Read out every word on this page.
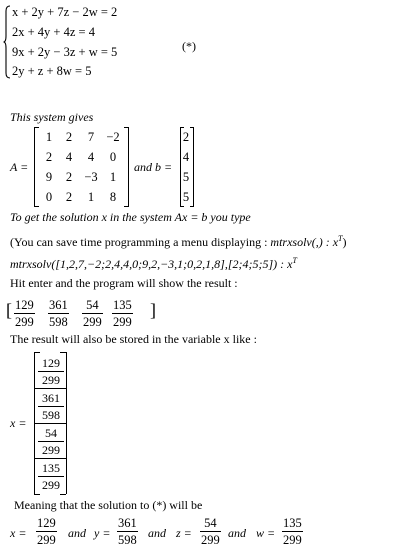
x + 2y + 7z − 2w = 2
2x + 4y + 4z = 4
9x + 2y − 3z + w = 5
2y + z + 8w = 5
(*)
This system gives
A =
1	2	7 −2
2	4	4	0
9	2 −3 1
0	2	1	8
and b =
2
4
5
5
To get the solution x in the system Ax = b you type
(You can save time programming a menu displaying : mtrxsolv(,) : $x^T$)
mtrxsolv([1,2,7,−2;2,4,4,0;9,2,−3,1;0,2,1,8],[2;4;5;5]) : $x^T$
Hit enter and the program will show the result :
[ $\frac{129}{299} \frac{361}{598} \frac{54}{299} \frac{135}{299}$ ]
The result will also be stored in the variable x like :
x =
129
299
361
598
54
299
135
299
Meaning that the solution to (*) will be
$x = \frac{129}{299}$ and $y = \frac{361}{598}$ and $z = \frac{54}{299}$ and $w = \frac{135}{299}$
